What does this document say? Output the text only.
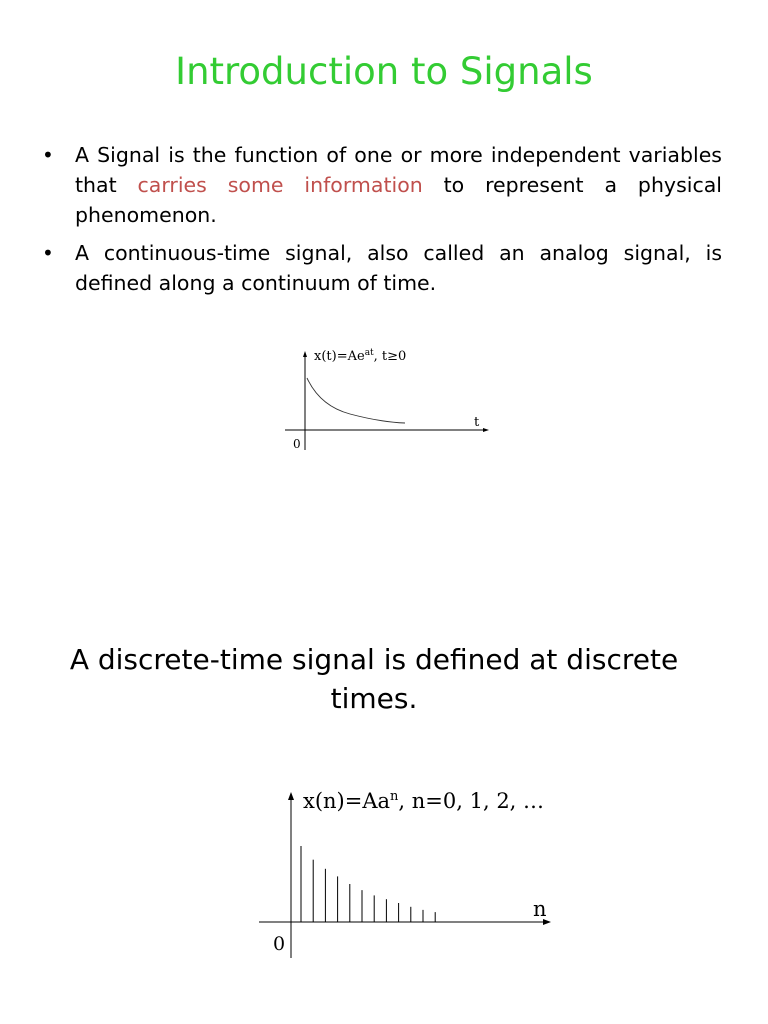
Introduction to Signals
• A Signal is the function of one or more independent variables that carries some information to represent a physical phenomenon.
• A continuous-time signal, also called an analog signal, is defined along a continuum of time.
$x(t)=Ae^{at}$, t≥0
t
0
A discrete-time signal is defined at discrete times.
$x(n)=Aa^n$, n=0, 1, 2, …
n
0
